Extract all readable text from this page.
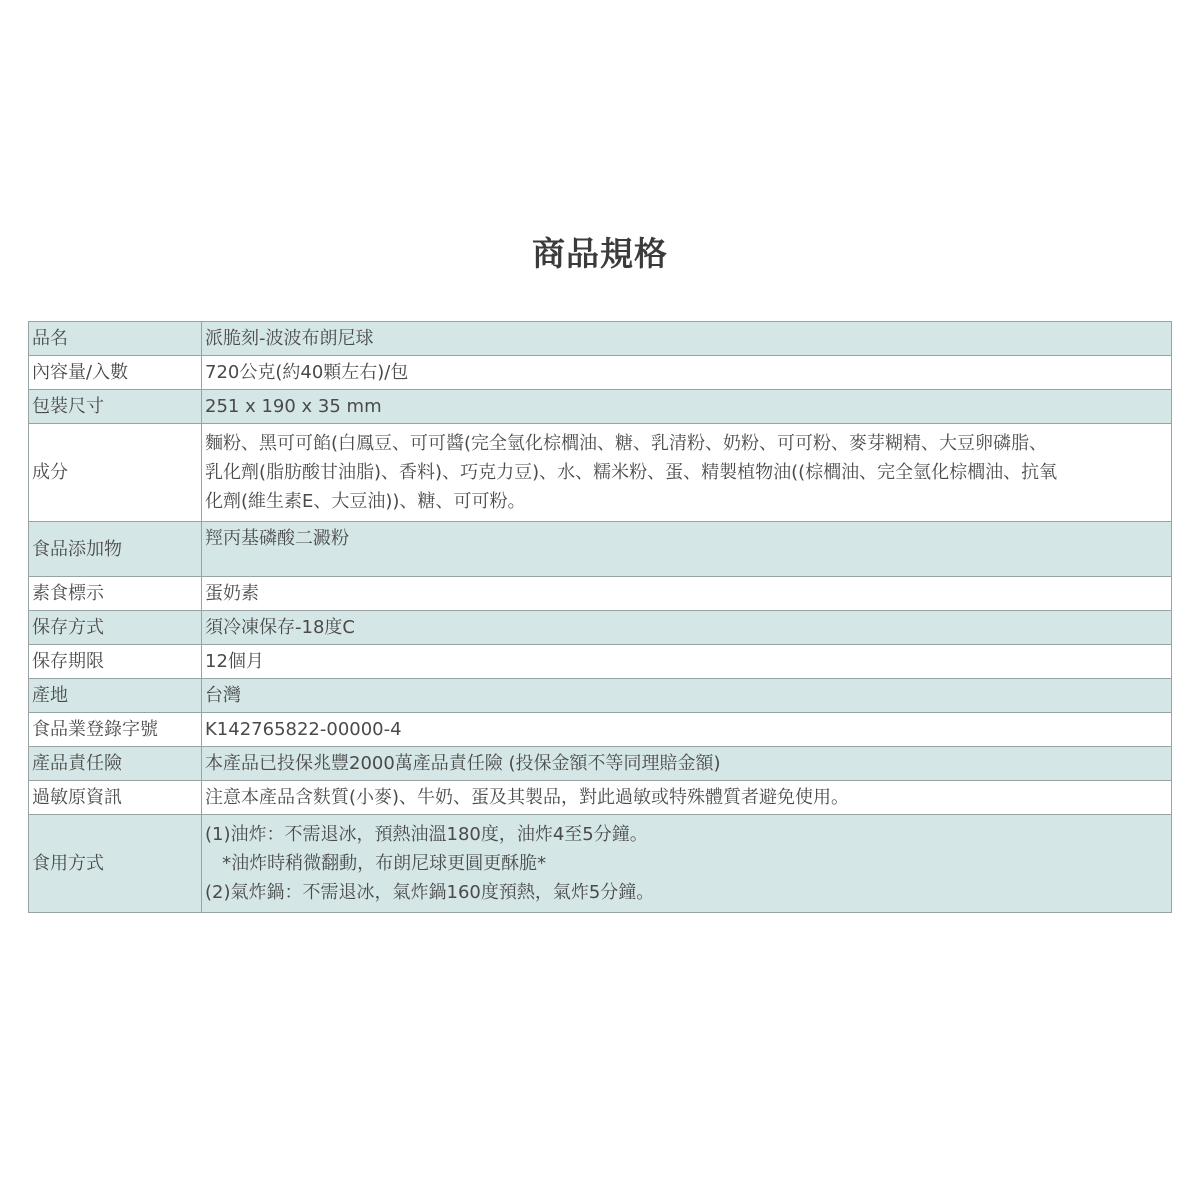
商品規格
品名	派脆刻-波波布朗尼球

內容量/入數	720公克(約40顆左右)/包

包裝尺寸	251 x 190 x 35 mm

成分	麵粉、黑可可餡(白鳳豆、可可醬(完全氫化棕櫚油、糖、乳清粉、奶粉、可可粉、麥芽糊精、大豆卵磷脂、
乳化劑(脂肪酸甘油脂)、香料)、巧克力豆)、水、糯米粉、蛋、精製植物油((棕櫚油、完全氫化棕櫚油、抗氧
化劑(維生素E、大豆油))、糖、可可粉。

食品添加物	羥丙基磷酸二澱粉

素食標示	蛋奶素

保存方式	須冷凍保存-18度C

保存期限	12個月

產地	台灣

食品業登錄字號	K142765822-00000-4

產品責任險	本產品已投保兆豐2000萬產品責任險 (投保金額不等同理賠金額)

過敏原資訊	注意本產品含麩質(小麥)、牛奶、蛋及其製品，對此過敏或特殊體質者避免使用。

食用方式	(1)油炸：不需退冰，預熱油溫180度，油炸4至5分鐘。
*油炸時稍微翻動，布朗尼球更圓更酥脆*
(2)氣炸鍋：不需退冰，氣炸鍋160度預熱，氣炸5分鐘。
